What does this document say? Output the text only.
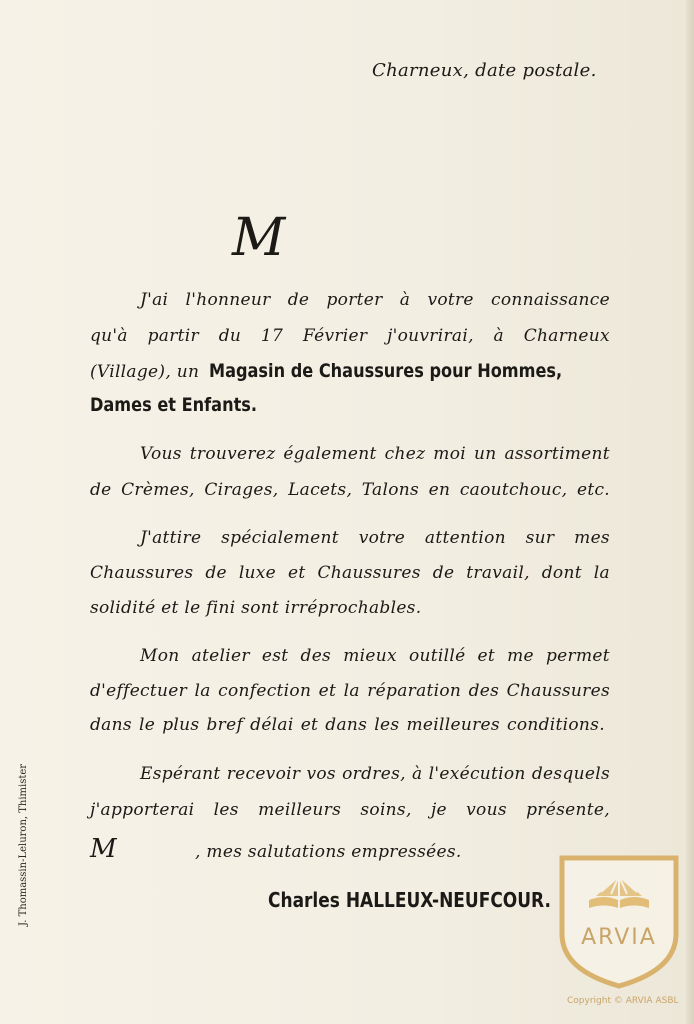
Charneux, date postale.
M
J'ai l'honneur de porter à votre connaissance
qu'à partir du 17 Février j'ouvrirai, à Charneux
(Village), un Magasin de Chaussures pour Hommes,
Dames et Enfants.
Vous trouverez également chez moi un assortiment
de Crèmes, Cirages, Lacets, Talons en caoutchouc, etc.
J'attire spécialement votre attention sur mes
Chaussures de luxe et Chaussures de travail, dont la
solidité et le fini sont irréprochables.
Mon atelier est des mieux outillé et me permet
d'effectuer la confection et la réparation des Chaussures
dans le plus bref délai et dans les meilleures conditions.
Espérant recevoir vos ordres, à l'exécution desquels
j'apporterai les meilleurs soins, je vous présente,
M	, mes salutations empressées.
Charles HALLEUX-NEUFCOUR.
J. Thomassin-Leluron, Thimister
ARVIA
Copyright © ARVIA ASBL
